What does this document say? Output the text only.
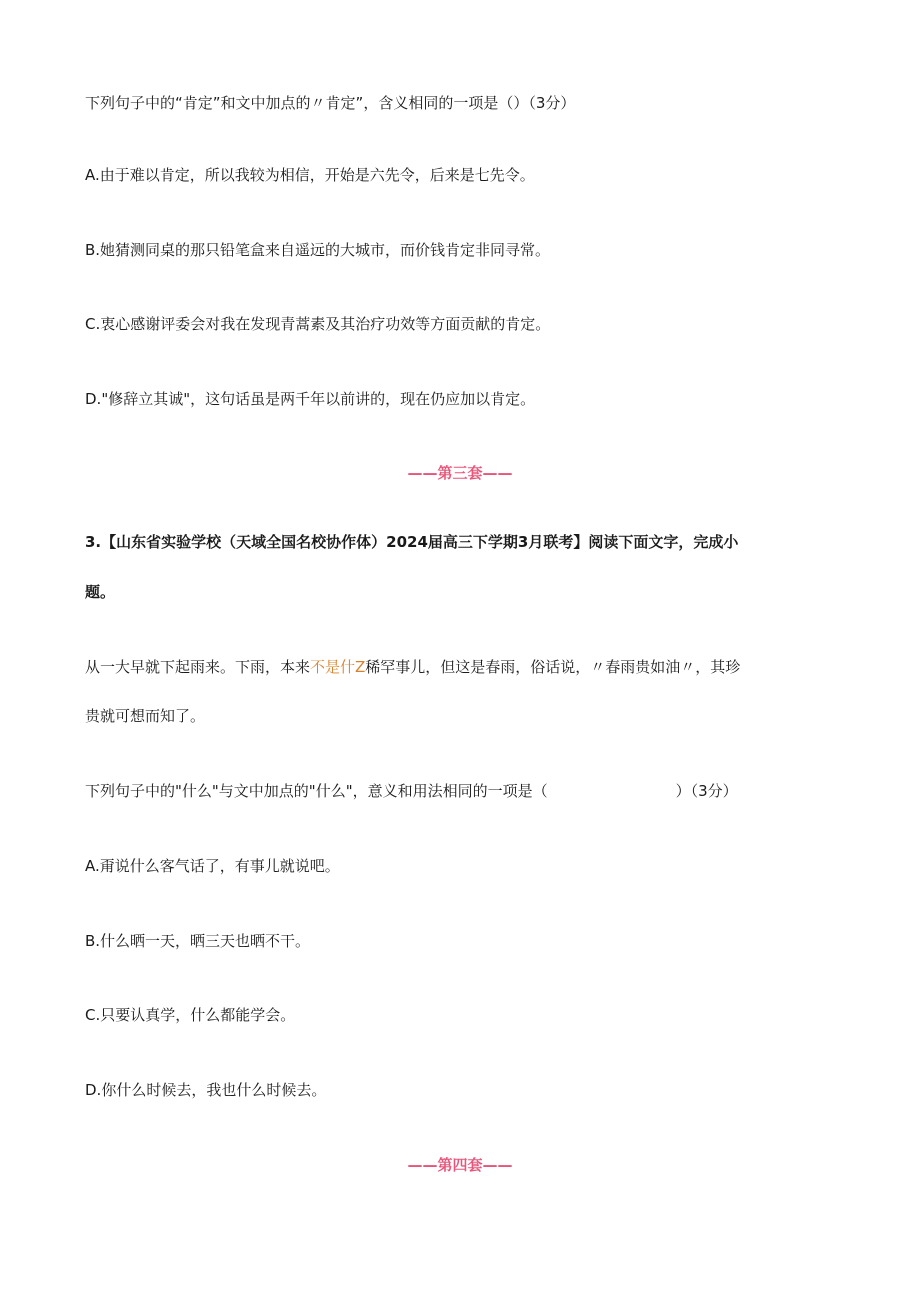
下列句子中的“肯定”和文中加点的〃肯定”，含义相同的一项是（）（3分）

A.由于难以肯定，所以我较为相信，开始是六先令，后来是七先令。

B.她猜测同桌的那只铅笔盒来自遥远的大城市，而价钱肯定非同寻常。

C.衷心感谢评委会对我在发现青蒿素及其治疗功效等方面贡献的肯定。

D."修辞立其诚"，这句话虽是两千年以前讲的，现在仍应加以肯定。

——第三套——

3.【山东省实验学校（天域全国名校协作体）2024届高三下学期3月联考】阅读下面文字，完成小

题。

从一大早就下起雨来。下雨，本来不是什Z稀罕事儿，但这是春雨，俗话说，〃春雨贵如油〃，其珍

贵就可想而知了。

下列句子中的"什么"与文中加点的"什么"，意义和用法相同的一项是（	）（3分）

A.甭说什么客气话了，有事儿就说吧。

B.什么晒一天，晒三天也晒不干。

C.只要认真学，什么都能学会。

D.你什么时候去，我也什么时候去。

——第四套——
